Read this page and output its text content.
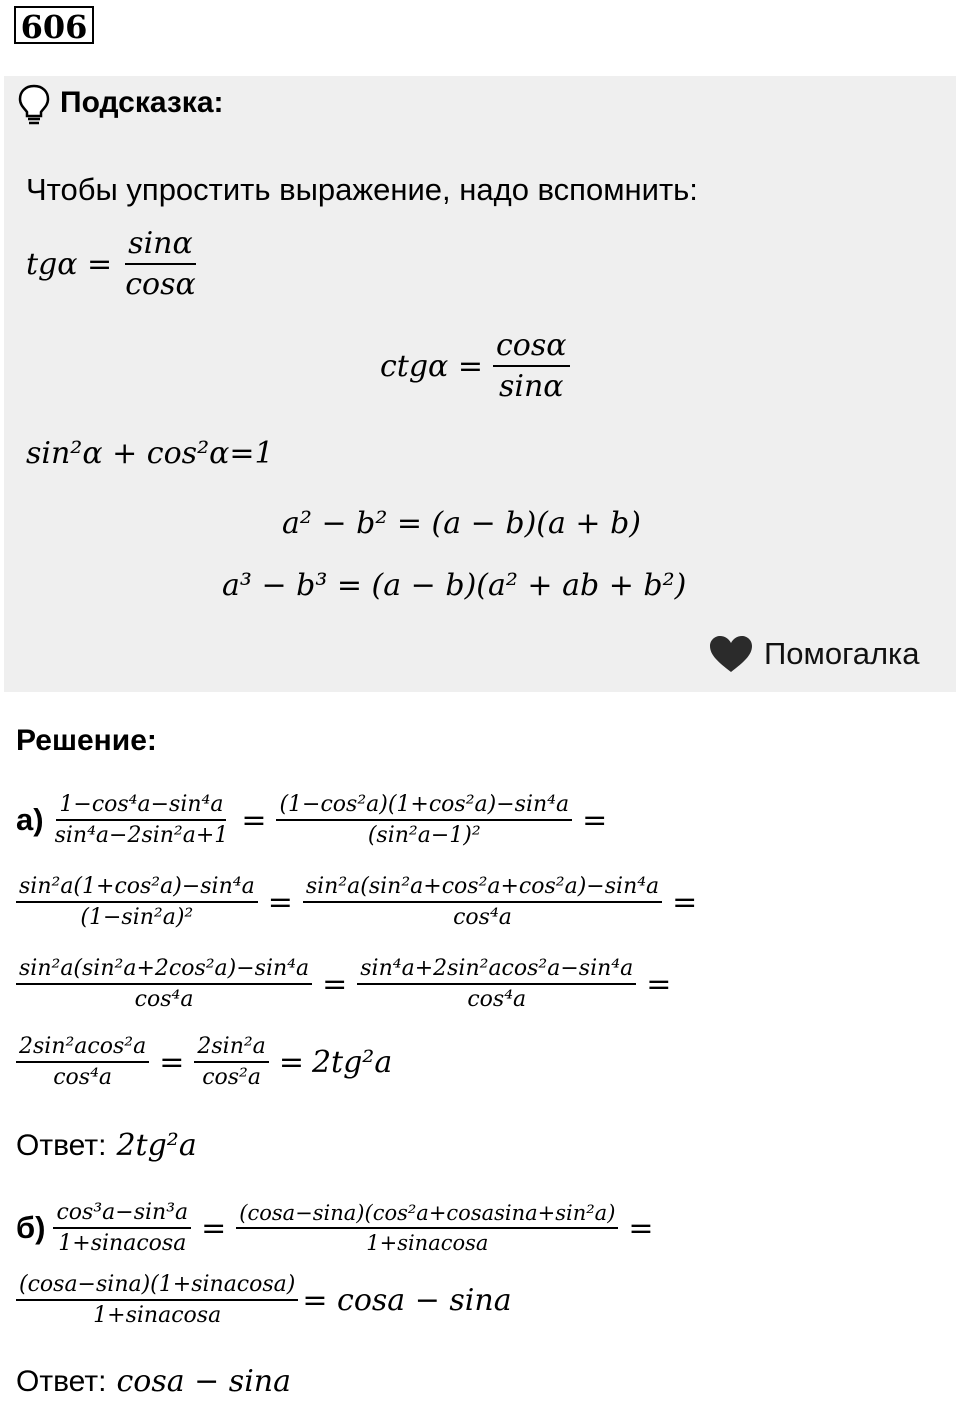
606
Подсказка:
Чтобы упростить выражение, надо вспомнить:
$tg\alpha = \frac{\sin\alpha}{\cos\alpha}$
$ctg\alpha = \frac{\cos\alpha}{\sin\alpha}$
sin²α + cos²α=1
a² − b² = (a − b)(a + b)
a³ − b³ = (a − b)(a² + ab + b²)
Помогалка
Решение:
$а) \frac{\text{1−cos⁴a−sin⁴a}}{\text{sin⁴a−2sin²a+1}} = \frac{\text{(1−cos²a)(1+cos²a)−sin⁴a}}{\text{(sin²a−1)²}}$ =
$\frac{\text{sin²a(1+cos²a)−sin⁴a}}{\text{(1−sin²a)²}} = \frac{\text{sin²a(sin²a+cos²a+cos²a)−sin⁴a}}{\text{cos⁴a}}$ =
$\frac{\text{sin²a(sin²a+2cos²a)−sin⁴a}}{\text{cos⁴a}} = \frac{\text{sin⁴a+2sin²acos²a−sin⁴a}}{\text{cos⁴a}}$ =
$\frac{\text{2sin²acos²a}}{\text{cos⁴a}} = \frac{\text{2sin²a}}{\text{cos²a}} = 2tg^2a$
Ответ: 2tg²a
$б) \frac{\text{cos³a−sin³a}}{\text{1+sinacosa}} = \frac{\text{(cosa−sina)(cos²a+cosasina+sin²a)}}{\text{1+sinacosa}}$ =
$\frac{\text{(cosa−sina)(1+sinacosa)}}{\text{1+sinacosa}} = \cos a - \sin a$
Ответ: cosa − sina
